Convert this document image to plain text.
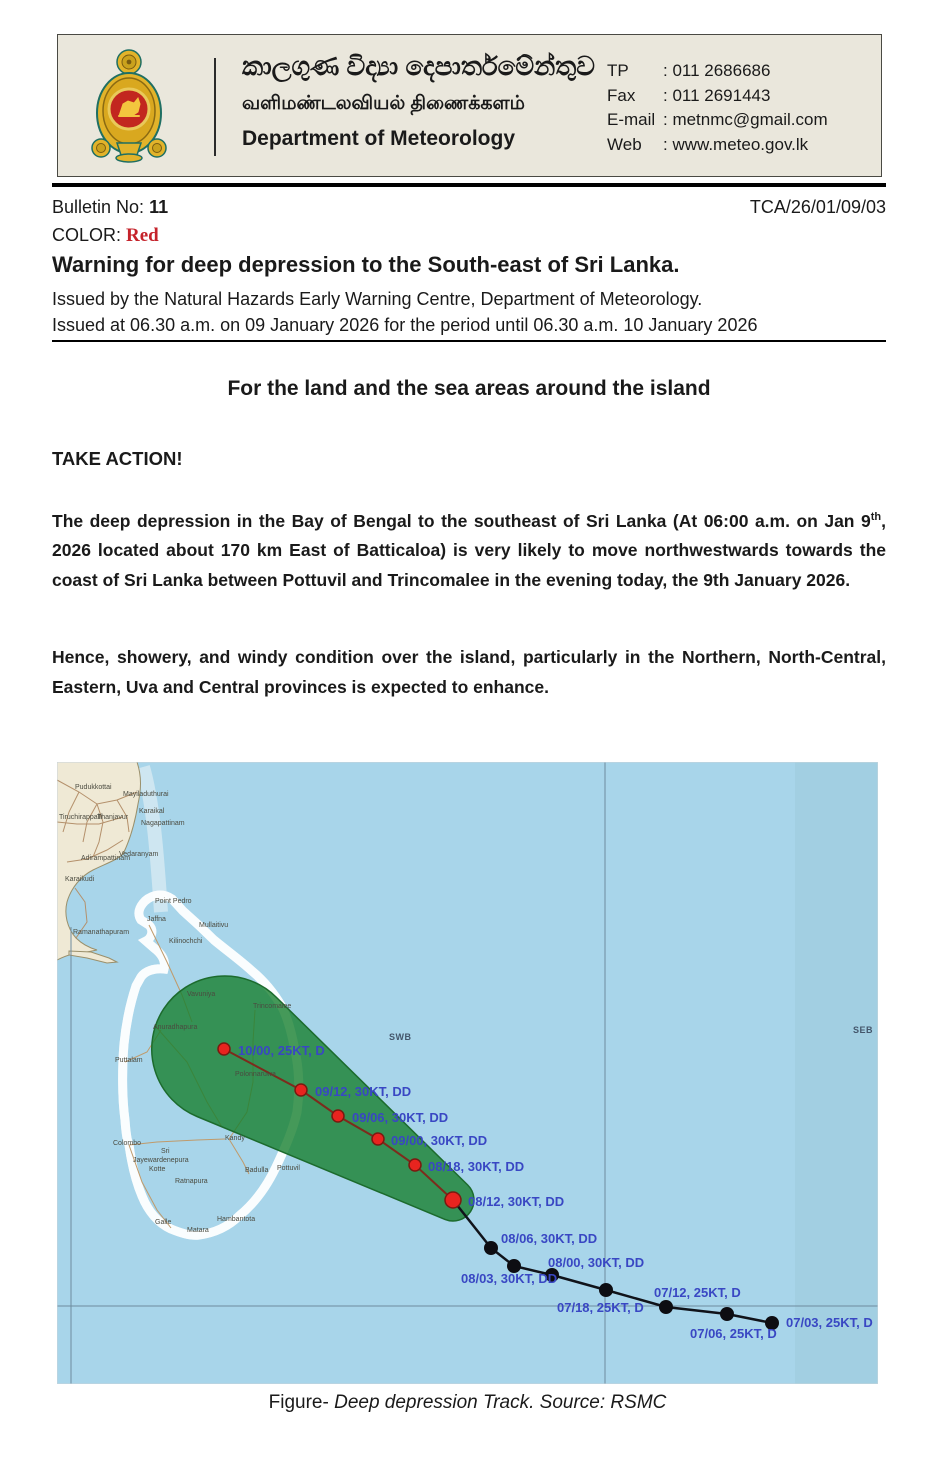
කාලගුණ විද්‍යා දෙපාර්තමේන්තුව
வளிமண்டலவியல் திணைக்களம்
Department of Meteorology
TP : 011 2686686
Fax : 011 2691443
E-mail : metnmc@gmail.com
Web : www.meteo.gov.lk
TCA/26/01/09/03
Bulletin No: 11
COLOR: Red
Warning for deep depression to the South-east of Sri Lanka.
Issued by the Natural Hazards Early Warning Centre, Department of Meteorology.
Issued at 06.30 a.m. on 09 January 2026 for the period until 06.30 a.m. 10 January 2026
For the land and the sea areas around the island
TAKE ACTION!
The deep depression in the Bay of Bengal to the southeast of Sri Lanka (At 06:00 a.m. on Jan 9th, 2026 located about 170 km East of Batticaloa) is very likely to move northwestwards towards the coast of Sri Lanka between Pottuvil and Trincomalee in the evening today, the 9th January 2026.
Hence, showery, and windy condition over the island, particularly in the Northern, North-Central, Eastern, Uva and Central provinces is expected to enhance.
10/00, 25KT, D
09/12, 30KT, DD
09/06, 30KT, DD
09/00, 30KT, DD
08/18, 30KT, DD
08/12, 30KT, DD
08/06, 30KT, DD
08/03, 30KT, DD
08/00, 30KT, DD
07/18, 25KT, D
07/12, 25KT, D
07/06, 25KT, D
07/03, 25KT, D
Pudukkottai
Mayiladuthurai
Karaikal
Nagapattinam
Tiruchirappalli
Thanjavur
Vedaranyam
Adirampattinam
Karaikudi
Ramanathapuram
Point Pedro
Jaffna
Kilinochchi
Mullaitivu
Vavuniya
Anuradhapura
Trincomalee
Polonnaruwa
Puttalam
Kandy
Badulla
Colombo
Sri
Jayewardenepura
Kotte
Ratnapura
Pottuvil
Hambantota
Galle
Matara
SWB
SEB
Figure- Deep depression Track. Source: RSMC
